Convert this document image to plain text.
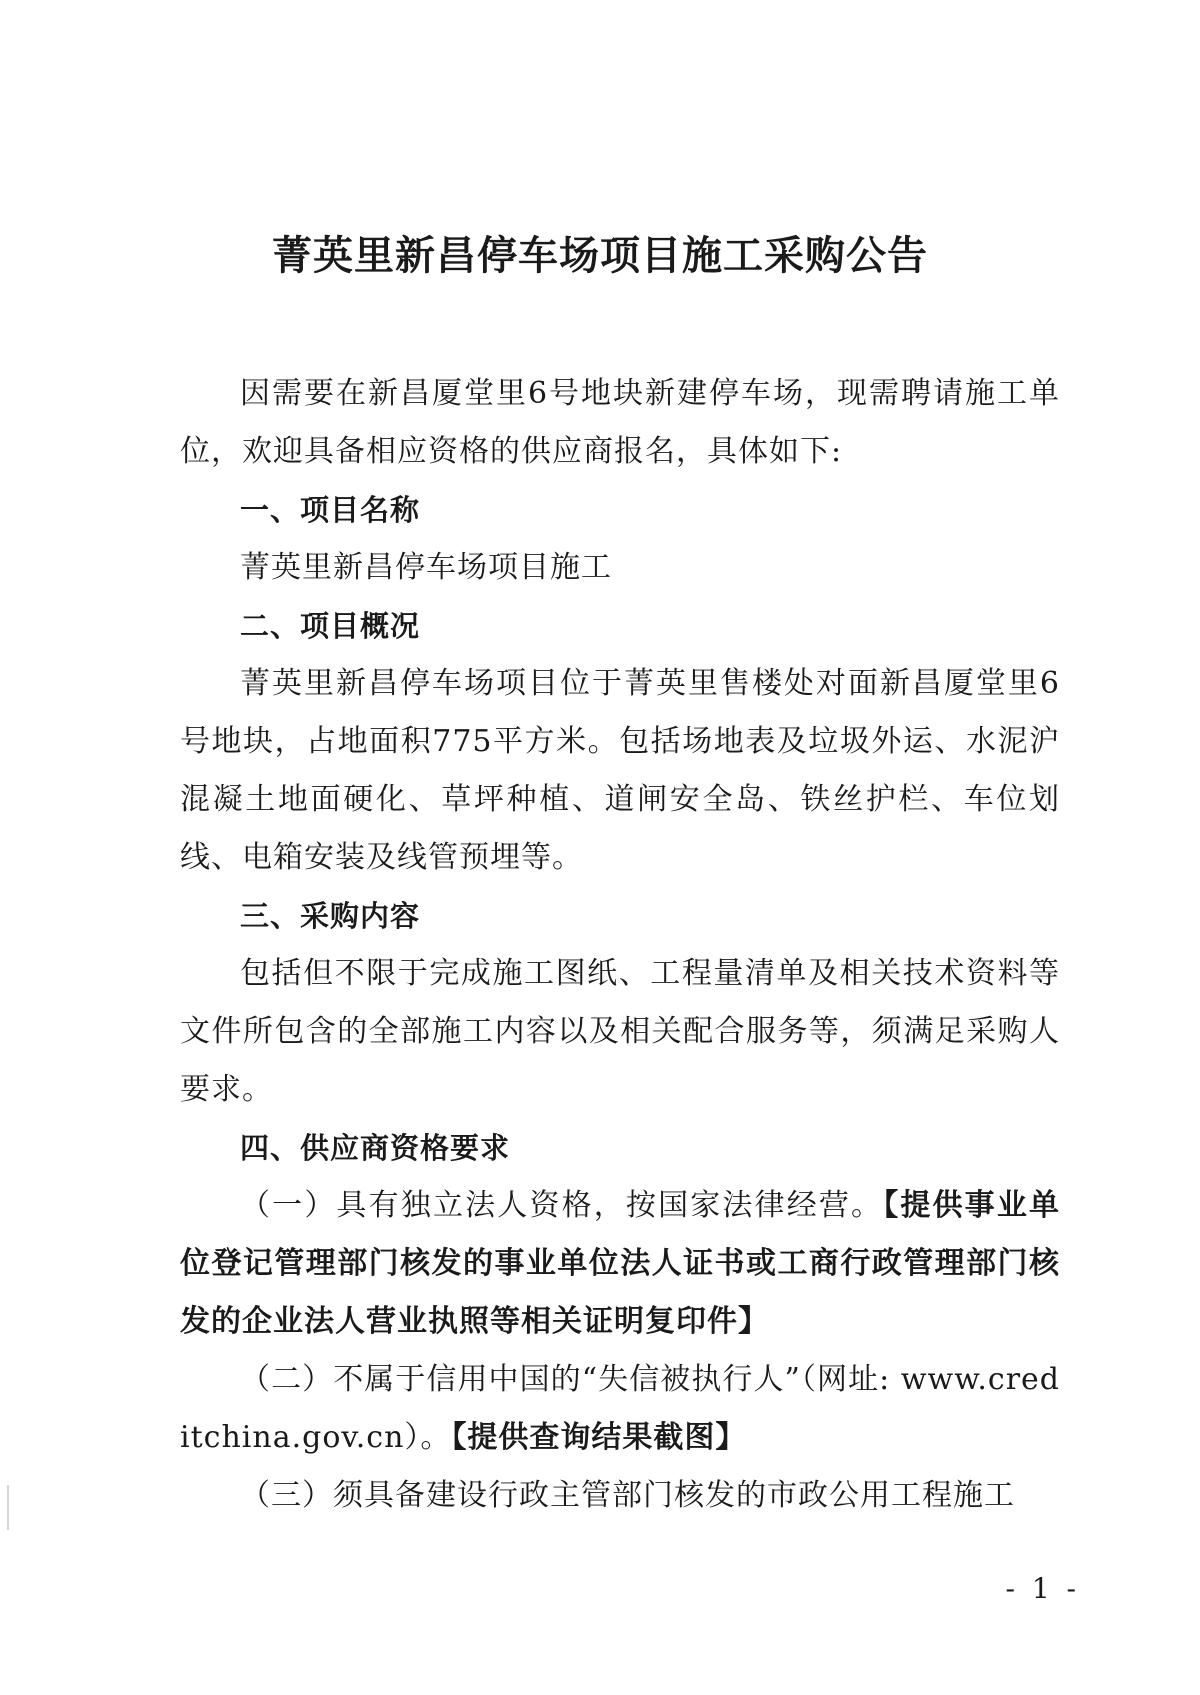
菁英里新昌停车场项目施工采购公告

因需要在新昌厦堂里6号地块新建停车场，现需聘请施工单位，欢迎具备相应资格的供应商报名，具体如下:

一、项目名称

菁英里新昌停车场项目施工

二、项目概况

菁英里新昌停车场项目位于菁英里售楼处对面新昌厦堂里6号地块，占地面积775平方米。包括场地表及垃圾外运、水泥沪混凝土地面硬化、草坪种植、道闸安全岛、铁丝护栏、车位划线、电箱安装及线管预埋等。

三、采购内容

包括但不限于完成施工图纸、工程量清单及相关技术资料等文件所包含的全部施工内容以及相关配合服务等，须满足采购人要求。

四、供应商资格要求

（一）具有独立法人资格，按国家法律经营。【提供事业单位登记管理部门核发的事业单位法人证书或工商行政管理部门核发的企业法人营业执照等相关证明复印件】

（二）不属于信用中国的“失信被执行人”（网址: www.creditchina.gov.cn）。【提供查询结果截图】

（三）须具备建设行政主管部门核发的市政公用工程施工

- 1 -
